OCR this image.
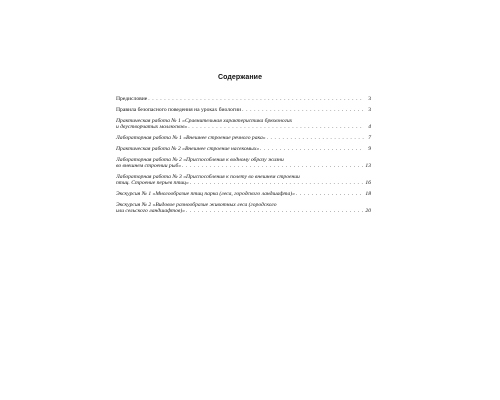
Содержание
Предисловие . . .	3
Правила безопасного поведения на уроках биологии . . .	3
Практическая работа № 1 «Сравнительная характеристика брюхоногих
и двустворчатых моллюсков» . . .	4
Лабораторная работа № 1 «Внешнее строение речного рака» . . .	7
Практическая работа № 2 «Внешнее строение насекомых» . . .	9
Лабораторная работа № 2 «Приспособления к водному образу жизни
во внешнем строении рыб» . . .	13
Лабораторная работа № 3 «Приспособления к полету во внешнем строении
птиц. Строение перьев птиц» . . .	16
Экскурсия № 1 «Многообразие птиц парка (леса, городского ландшафта)» . . .	18
Экскурсия № 2 «Видовое разнообразие животных леса (городского
или сельского ландшафтов)» . . .	20
